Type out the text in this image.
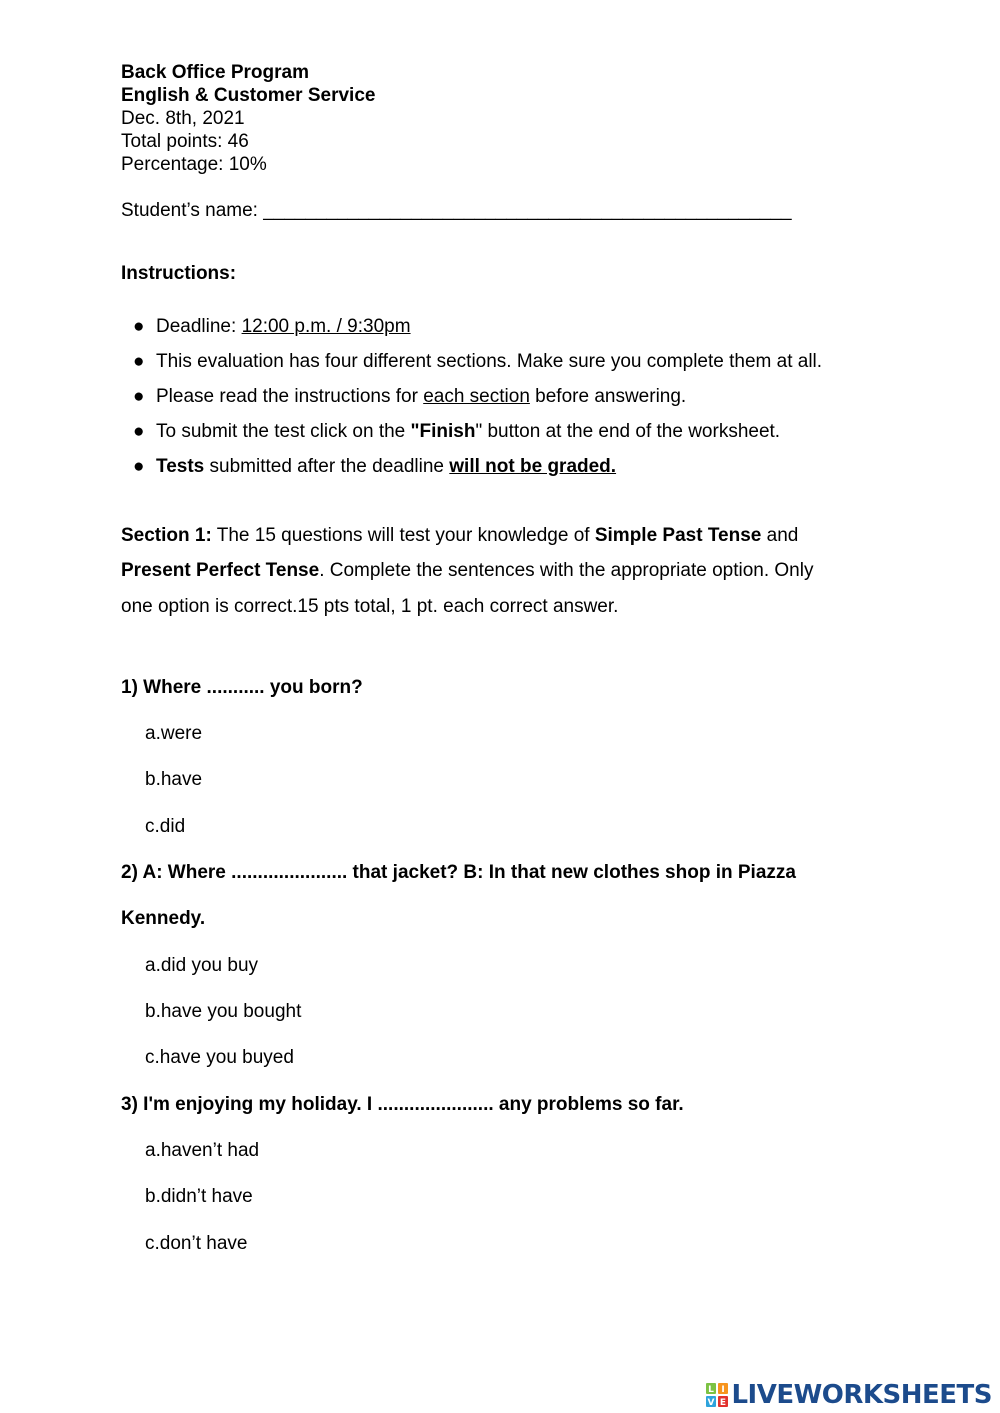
Back Office Program
English & Customer Service
Dec. 8th, 2021
Total points: 46
Percentage: 10%
Student’s name: __________________________________________________
Instructions:
● Deadline: 12:00 p.m. / 9:30pm
● This evaluation has four different sections. Make sure you complete them at all.
● Please read the instructions for each section before answering.
● To submit the test click on the "Finish" button at the end of the worksheet.
● Tests submitted after the deadline will not be graded.
Section 1: The 15 questions will test your knowledge of Simple Past Tense and
Present Perfect Tense. Complete the sentences with the appropriate option. Only
one option is correct.15 pts total, 1 pt. each correct answer.
1) Where ........... you born?
a.were
b.have
c.did
2) A: Where ...................... that jacket? B: In that new clothes shop in Piazza
Kennedy.
a.did you buy
b.have you bought
c.have you buyed
3) I'm enjoying my holiday. I ...................... any problems so far.
a.haven’t had
b.didn’t have
c.don’t have
L I
V E LIVEWORKSHEETS
